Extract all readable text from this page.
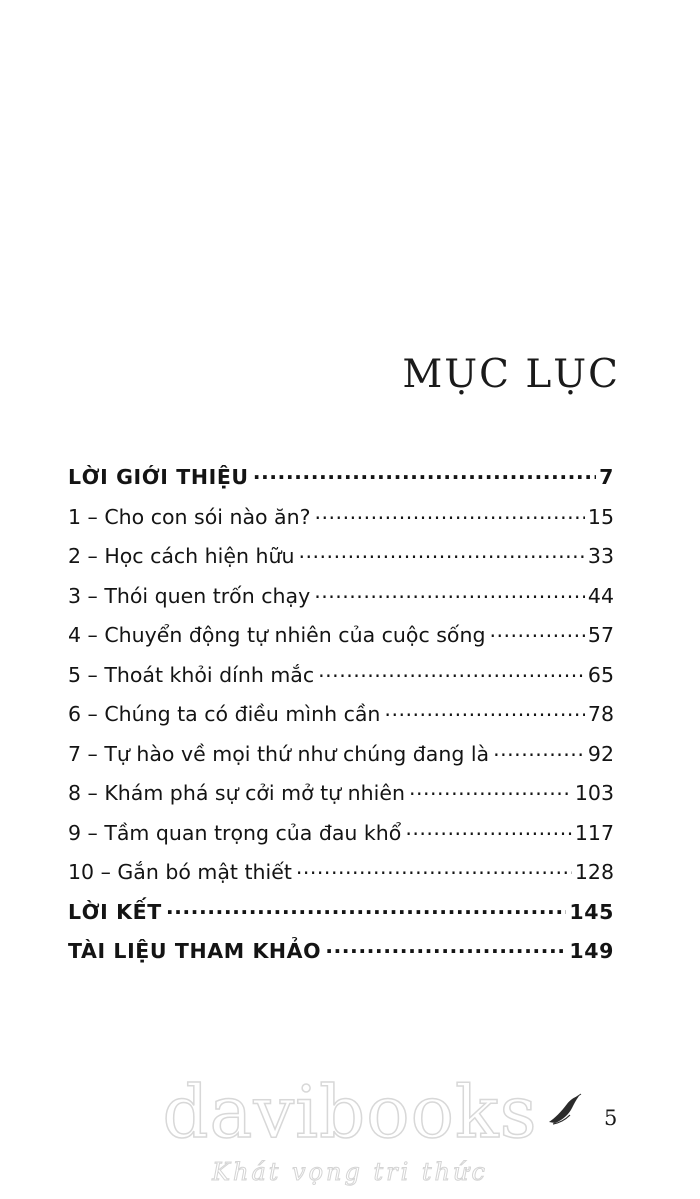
MỤC LỤC
LỜI GIỚI THIỆU .....	7
1 – Cho con sói nào ăn? .....	15
2 – Học cách hiện hữu .....	33
3 – Thói quen trốn chạy .....	44
4 – Chuyển động tự nhiên của cuộc sống .....	57
5 – Thoát khỏi dính mắc .....	65
6 – Chúng ta có điều mình cần .....	78
7 – Tự hào về mọi thứ như chúng đang là .....	92
8 – Khám phá sự cởi mở tự nhiên .....	103
9 – Tầm quan trọng của đau khổ .....	117
10 – Gắn bó mật thiết .....	128
LỜI KẾT .....	145
TÀI LIỆU THAM KHẢO .....	149
davibooks
Khát vọng tri thức
5
